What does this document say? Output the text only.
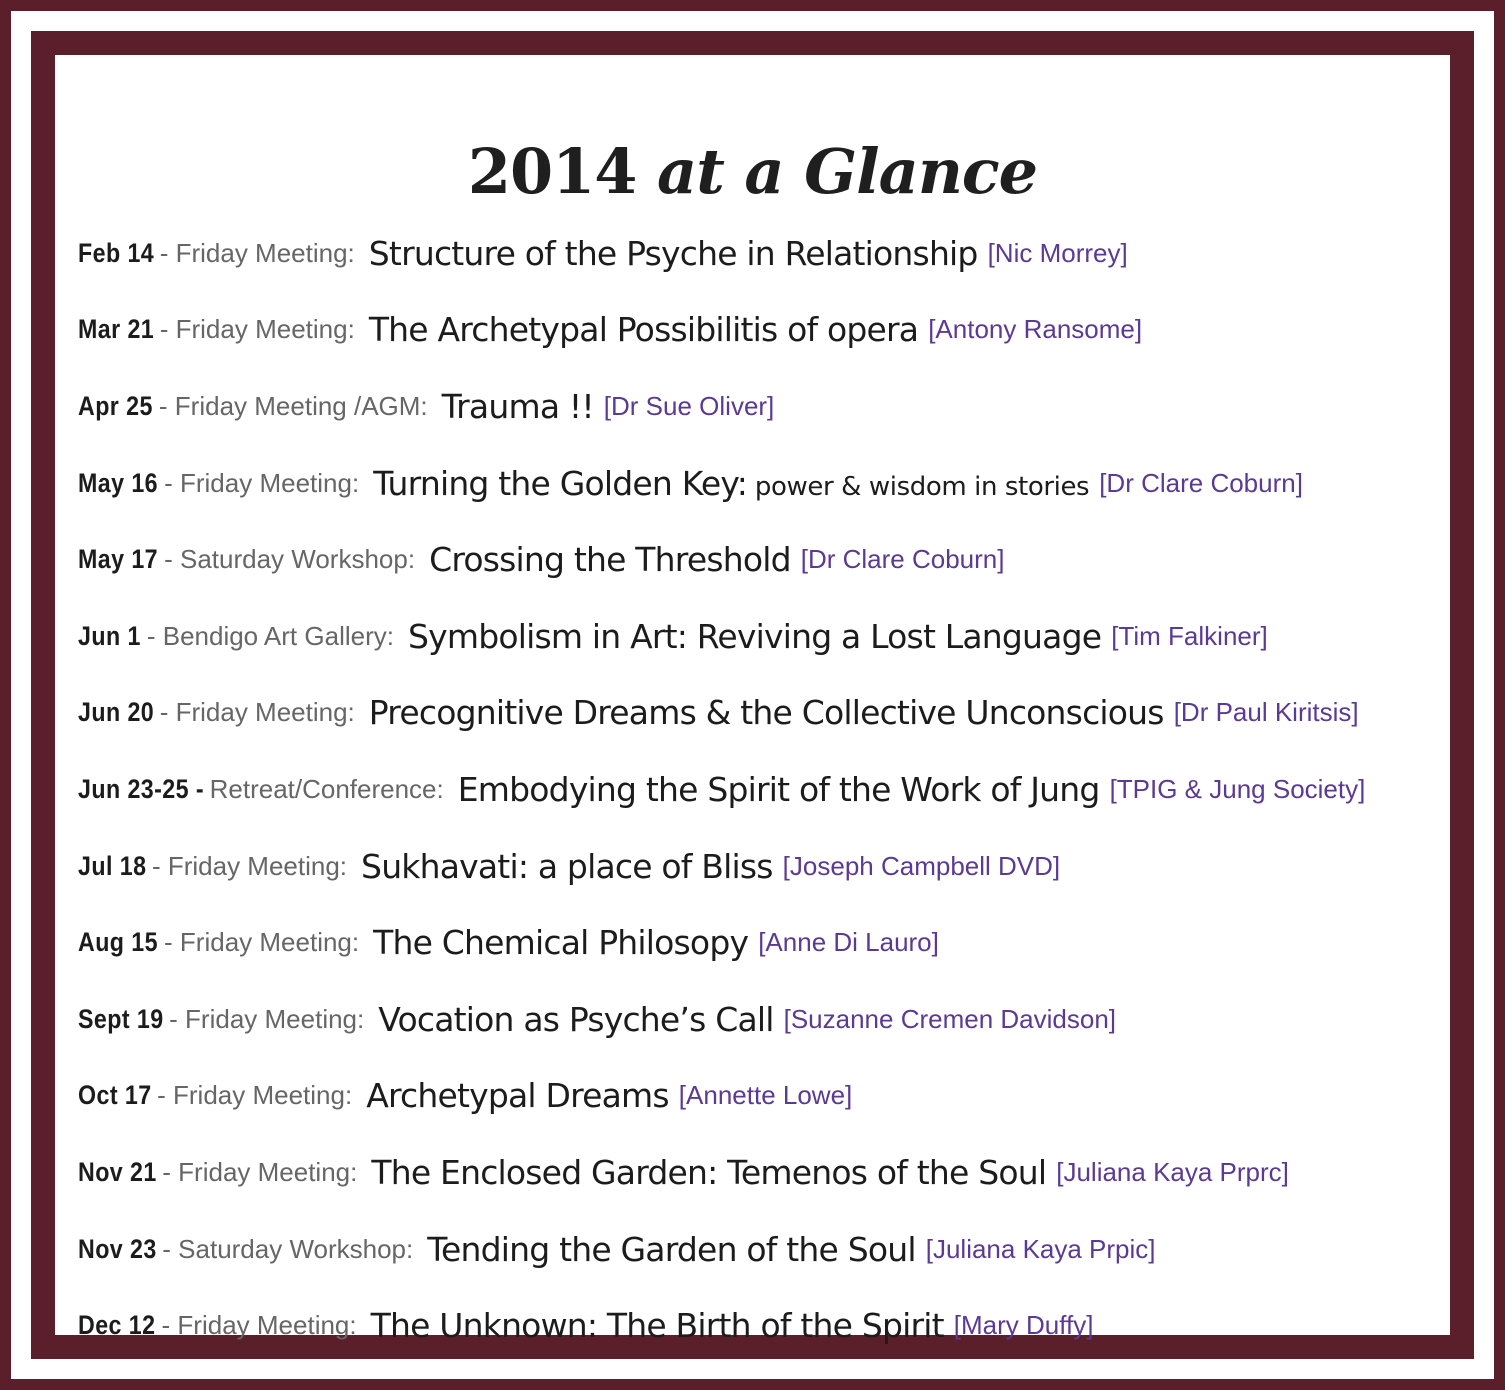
2014 at a Glance
Feb 14 - Friday Meeting: Structure of the Psyche in Relationship [Nic Morrey]
Mar 21 - Friday Meeting: The Archetypal Possibilitis of opera [Antony Ransome]
Apr 25 - Friday Meeting /AGM: Trauma !! [Dr Sue Oliver]
May 16 - Friday Meeting: Turning the Golden Key: power & wisdom in stories [Dr Clare Coburn]
May 17 - Saturday Workshop: Crossing the Threshold [Dr Clare Coburn]
Jun 1 - Bendigo Art Gallery: Symbolism in Art: Reviving a Lost Language [Tim Falkiner]
Jun 20 - Friday Meeting: Precognitive Dreams & the Collective Unconscious [Dr Paul Kiritsis]
Jun 23-25 - Retreat/Conference: Embodying the Spirit of the Work of Jung [TPIG & Jung Society]
Jul 18 - Friday Meeting: Sukhavati: a place of Bliss [Joseph Campbell DVD]
Aug 15 - Friday Meeting: The Chemical Philosopy [Anne Di Lauro]
Sept 19 - Friday Meeting: Vocation as Psyche’s Call [Suzanne Cremen Davidson]
Oct 17 - Friday Meeting: Archetypal Dreams [Annette Lowe]
Nov 21 - Friday Meeting: The Enclosed Garden: Temenos of the Soul [Juliana Kaya Prprc]
Nov 23 - Saturday Workshop: Tending the Garden of the Soul [Juliana Kaya Prpic]
Dec 12 - Friday Meeting: The Unknown: The Birth of the Spirit [Mary Duffy]
